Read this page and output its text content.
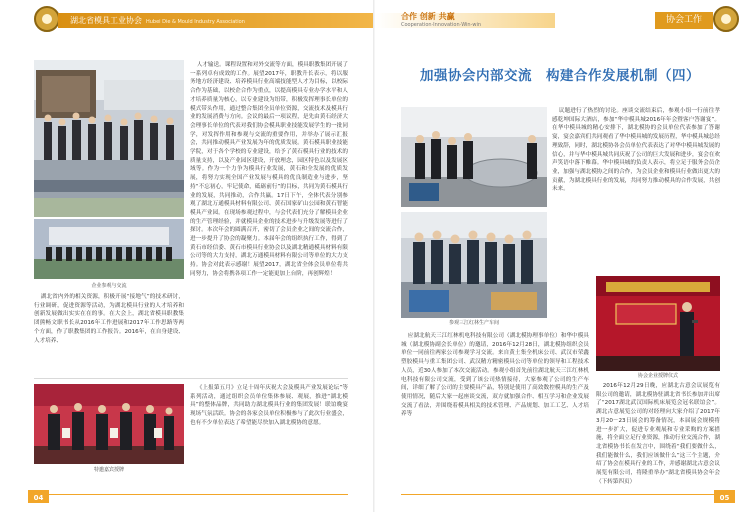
湖北省模具工业协会 Hubei Die & Mould Industry Association
企业参观与交流

人才输送。课程设置和对外交流等方面，模具职教集团开展了一系列卓有成效的工作。展望2017年，职教升长表示，将以服务地方经济建设、培养模具行业高端技能型人才为目标，以校际合作为基础，以校企合作为重点，以提高模具专业办学水平和人才培养质量为核心，以专业建设为纽带，积极发挥理事长单位的模式带头作用，通过整合集团全员单位资源，交流技术及模具行业的发展消费与方向。会议的最后一项议程，是先由黄石经济大会理事长单位的代表对我们协会模具职业技能发展学生的一批同学，对发挥作用和参观与交流的重要作用，并举办了展示汇报会，共同推动模具产业发展为年的优质发展。黄石模具职业技能学院，对于各个学校的专业建设，给予了黄石模具行业的技术的质量支持，以及产业园区建设，开放理念，园区特色以及发展区域等。作为一个力争为模具行业发展，黄石和全发展的优质发展，将努力实现全国产业发展与模具的优良制造业与进步，坚持“不忘初心，牢记使命，砥砺前行”的目标，共同为黄石模具行业的发展，共同推动，合作共赢。17日下午，全体代表分别参观了湖北万通模具材料有限公司、黄石国家矿山公园和黄石智能模具产业园。在现场参观过程中，与会代表们充分了解模具企业的生产管理经验，并就模具企业的技术进步与升级发展等进行了探讨。本次年会的圆满召开，密切了会员企业之间的交流合作，进一步提升了协会的凝聚力。本届年会的组织执行工作，得到了黄石市经信委、黄石市模具行业协会以及湖北精通模具材料有限公司等的大力支持，湖北万通模具材料有限公司等单位的大力支持。协会对此表示感谢！展望2017，湖北省全体会员单位将共同努力，协会将携各项工作一定能更加上台阶，再创辉煌！

湖北省内外的相关资源，积极开展“接地气”的技术研讨，行业调研，促进资源等活动，为湖北模具行业的人才培养和创新发展做出实实在在的事。在大会上，湖北省模具职教集团熊畅文职书长从2016年工作进展和2017年工作思路等两个方面，作了职教集团的工作报告。2016年，在自身建设、人才培养、

特邀嘉宾授牌

《上报第五月》立足十周年庆祝大会及模具产业发展论坛”等系列活动，通过组织会员单位集体参展、观展，推进“湖北模具”的整体品牌，共同助力湖北模具行业的集团发展！联谊晚宴现场气氛活跃。协会的各家会员单位积极参与了此次行业盛会，也有不少单位表达了希望能尽快加入湖北模协的意愿。

04
合作 创新 共赢
Cooperation·Innovation·Win-win	协会工作
加强协会内部交流　构建合作发展机制（四）
参观三江红林生产车间

议题进行了热烈的讨论。座谈交流结束后，参观小组一行前往孝感乾坤国际大酒店，参加“华中模具城2016年年会暨客户答谢宴”。在华中模具城的精心安排下，湖北模协的会员单位代表参加了答谢宴，宴会嘉宾们共同观看了华中模具城的发展历程，华中模具城总经理致辞，同时，湖北模协各会员单位代表表达了对华中模具城发展的信心，并与华中模具城共同庆祝了公司的巨大发展和进步，宴会在欢声笑语中落下帷幕。华中模具城的负责人表示，将立足于服务会员企业，加强与湖北模协之间的合作，为会员企业和模具行业做出更大的贡献，为湖北模具行业的发展，共同努力推动模具的合作发展，共创未来。

协会企业授牌仪式

应湖北航天三江红林机电科技有限公司（湖北模协理事单位）和华中模具城（湖北模协副会长单位）的邀请，2016年12月28日，湖北模协组织会员单位一同前往两家公司参观学习交流。来自黄土集全机床公司、武汉市荣鑫塑胶模具与重工集团公司、武汉精方精密模具公司等单位的领导和工程技术人员，近30人参加了本次交流活动。参观小组首先前往湖北航天三江红林机电科技有限公司交流，受到了该公司热情接待，大家参观了公司的生产车间，详细了解了公司的主要模具产品，特别是使用了高效数控模具的生产及使用情况，随后大家一起座谈交流，双方就加强合作、相互学习和企业发展交流了看法，并围绕着模具相关的技术管理、产品规划、加工工艺、人才培养等

2016年12月29日晚，应湖北古意会议展览有限公司的邀请，湖北模协驻湖北省书长参加并出席了“2017湖北武汉国际机床展览会冠名联谊会”。湖北古意展览公司的对经理向大家介绍了2017年3月20－23日展会的筹备情况，本届展会规模将进一步扩大，促进专业观展和专业采购的方案措施，将全面立足行业资源，推动行业交流合作，湖北省模协书长在发言中，围绕着“我们要做什么，我们能做什么，我们应该做什么”这三个主题，介绍了协会在模具行业的工作，并感谢湖北古意会议展览有限公司，将隆重举办“湖北省模具协会年会（下转第四页）

05
